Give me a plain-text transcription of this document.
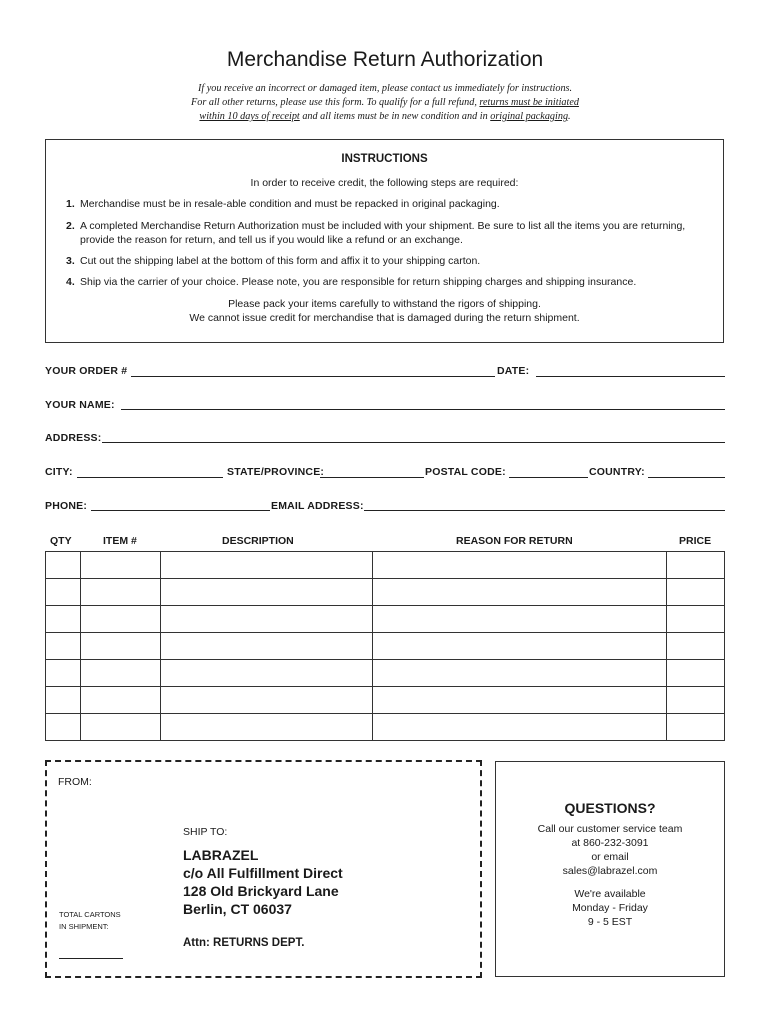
Merchandise Return Authorization
If you receive an incorrect or damaged item, please contact us immediately for instructions.
For all other returns, please use this form. To qualify for a full refund, returns must be initiated
within 10 days of receipt and all items must be in new condition and in original packaging.
INSTRUCTIONS
In order to receive credit, the following steps are required:
1. Merchandise must be in resale-able condition and must be repacked in original packaging.
2. A completed Merchandise Return Authorization must be included with your shipment. Be sure to list all the items you are returning, provide the reason for return, and tell us if you would like a refund or an exchange.
3. Cut out the shipping label at the bottom of this form and affix it to your shipping carton.
4. Ship via the carrier of your choice. Please note, you are responsible for return shipping charges and shipping insurance.
Please pack your items carefully to withstand the rigors of shipping.
We cannot issue credit for merchandise that is damaged during the return shipment.
YOUR ORDER #	DATE:
YOUR NAME:
ADDRESS:
CITY:	STATE/PROVINCE:	POSTAL CODE:	COUNTRY:
PHONE:	EMAIL ADDRESS:
QTY	ITEM #	DESCRIPTION	REASON FOR RETURN	PRICE

FROM:
SHIP TO:
LABRAZEL
c/o All Fulfillment Direct
128 Old Brickyard Lane
Berlin, CT 06037
Attn: RETURNS DEPT.
TOTAL CARTONS
IN SHIPMENT:
QUESTIONS?
Call our customer service team
at 860-232-3091
or email
sales@labrazel.com
We're available
Monday - Friday
9 - 5 EST
